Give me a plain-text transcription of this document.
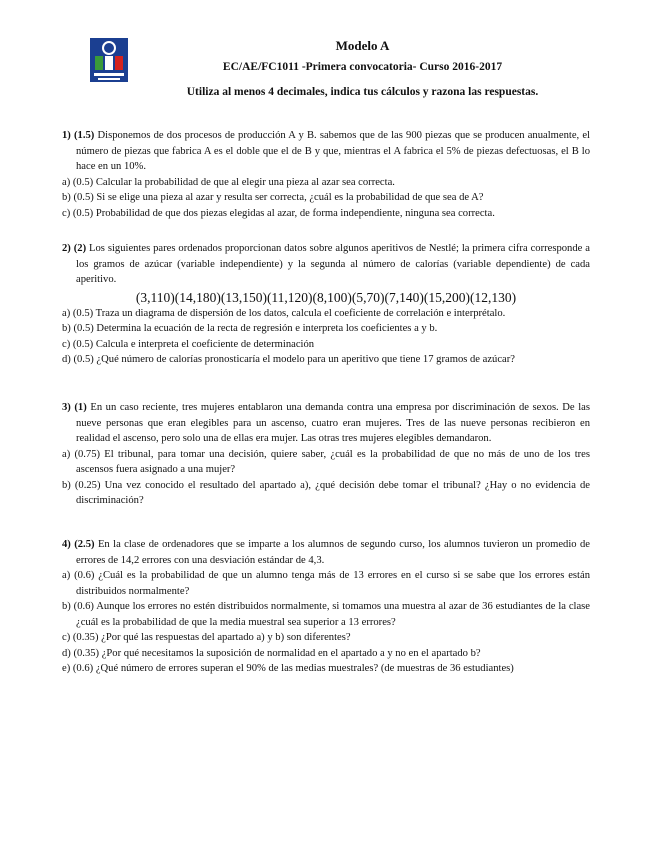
Modelo A
EC/AE/FC1011 -Primera convocatoria- Curso 2016-2017
Utiliza al menos 4 decimales, indica tus cálculos y razona las respuestas.
1) (1.5) Disponemos de dos procesos de producción A y B. sabemos que de las 900 piezas que se producen anualmente, el número de piezas que fabrica A es el doble que el de B y que, mientras el A fabrica el 5% de piezas defectuosas, el B lo hace en un 10%.
a) (0.5) Calcular la probabilidad de que al elegir una pieza al azar sea correcta.
b) (0.5) Si se elige una pieza al azar y resulta ser correcta, ¿cuál es la probabilidad de que sea de A?
c) (0.5) Probabilidad de que dos piezas elegidas al azar, de forma independiente, ninguna sea correcta.
2) (2) Los siguientes pares ordenados proporcionan datos sobre algunos aperitivos de Nestlé; la primera cifra corresponde a los gramos de azúcar (variable independiente) y la segunda al número de calorías (variable dependiente) de cada aperitivo.
(3,110)(14,180)(13,150)(11,120)(8,100)(5,70)(7,140)(15,200)(12,130)
a) (0.5) Traza un diagrama de dispersión de los datos, calcula el coeficiente de correlación e interprétalo.
b) (0.5) Determina la ecuación de la recta de regresión e interpreta los coeficientes a y b.
c) (0.5) Calcula e interpreta el coeficiente de determinación
d) (0.5) ¿Qué número de calorías pronosticaría el modelo para un aperitivo que tiene 17 gramos de azúcar?
3) (1) En un caso reciente, tres mujeres entablaron una demanda contra una empresa por discriminación de sexos. De las nueve personas que eran elegibles para un ascenso, cuatro eran mujeres. Tres de las nueve personas recibieron en realidad el ascenso, pero solo una de ellas era mujer. Las otras tres mujeres elegibles demandaron.
a) (0.75) El tribunal, para tomar una decisión, quiere saber, ¿cuál es la probabilidad de que no más de uno de los tres ascensos fuera asignado a una mujer?
b) (0.25) Una vez conocido el resultado del apartado a), ¿qué decisión debe tomar el tribunal? ¿Hay o no evidencia de discriminación?
4) (2.5) En la clase de ordenadores que se imparte a los alumnos de segundo curso, los alumnos tuvieron un promedio de errores de 14,2 errores con una desviación estándar de 4,3.
a) (0.6) ¿Cuál es la probabilidad de que un alumno tenga más de 13 errores en el curso si se sabe que los errores están distribuidos normalmente?
b) (0.6) Aunque los errores no estén distribuidos normalmente, si tomamos una muestra al azar de 36 estudiantes de la clase ¿cuál es la probabilidad de que la media muestral sea superior a 13 errores?
c) (0.35) ¿Por qué las respuestas del apartado a) y b) son diferentes?
d) (0.35) ¿Por qué necesitamos la suposición de normalidad en el apartado a y no en el apartado b?
e) (0.6) ¿Qué número de errores superan el 90% de las medias muestrales? (de muestras de 36 estudiantes)
